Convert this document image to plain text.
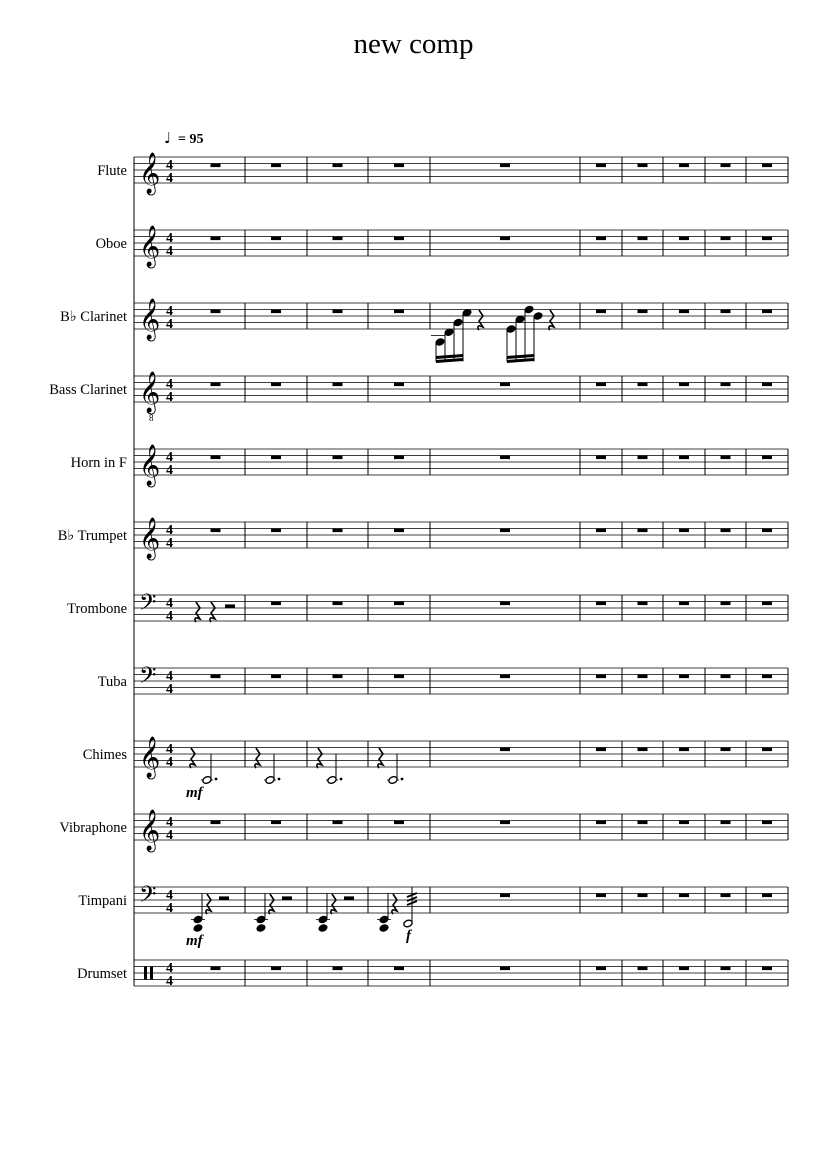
new comp
♩ = 95
Flute 𝄞 4
4
Oboe 𝄞 4
4
B♭ Clarinet 𝄞 4
4
Bass Clarinet 𝄞
8
4
4
Horn in F 𝄞 4
4
B♭ Trumpet 𝄞 4
4
Trombone 𝄢 4
4
Tuba 𝄢 4
4
Chimes 𝄞 4
4
Vibraphone 𝄞 4
4
Timpani 𝄢 4
4
Drumset	4
4
mf
mf	f
